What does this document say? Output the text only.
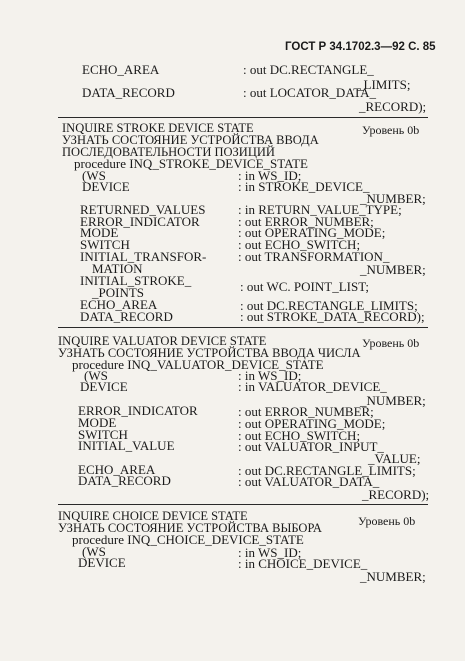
ГОСТ Р 34.1702.3—92 С. 85
ECHO_AREA	: out DC.RECTANGLE_
_LIMITS;
DATA_RECORD	: out LOCATOR_DATA_
_RECORD);
INQUIRE STROKE DEVICE STATE	Уровень 0b
УЗНАТЬ СОСТОЯНИЕ УСТРОЙСТВА ВВОДА
ПОСЛЕДОВАТЕЛЬНОСТИ ПОЗИЦИЙ
procedure INQ_STROKE_DEVICE_STATE
(WS	: in WS_ID;
DEVICE	: in STROKE_DEVICE_
_NUMBER;
RETURNED_VALUES	: in RETURN_VALUE_TYPE;
ERROR_INDICATOR	: out ERROR_NUMBER;
MODE	: out OPERATING_MODE;
SWITCH	: out ECHO_SWITCH;
INITIAL_TRANSFOR- : out TRANSFORMATION_
MATION	_NUMBER;
INITIAL_STROKE_	: out WC. POINT_LIST;
_POINTS
ECHO_AREA	: out DC.RECTANGLE_LIMITS;
DATA_RECORD	: out STROKE_DATA_RECORD);
INQUIRE VALUATOR DEVICE STATE	Уровень 0b
УЗНАТЬ СОСТОЯНИЕ УСТРОЙСТВА ВВОДА ЧИСЛА
procedure INQ_VALUATOR_DEVICE_STATE
(WS	: in WS_ID;
DEVICE	: in VALUATOR_DEVICE_
_NUMBER;
ERROR_INDICATOR	: out ERROR_NUMBER;
MODE	: out OPERATING_MODE;
SWITCH	: out ECHO_SWITCH;
INITIAL_VALUE	: out VALUATOR_INPUT_
_VALUE;
ECHO_AREA	: out DC.RECTANGLE_LIMITS;
DATA_RECORD	: out VALUATOR_DATA_
_RECORD);
INQUIRE CHOICE DEVICE STATE	Уровень 0b
УЗНАТЬ СОСТОЯНИЕ УСТРОЙСТВА ВЫБОРА
procedure INQ_CHOICE_DEVICE_STATE
(WS	: in WS_ID;
DEVICE	: in CHOICE_DEVICE_
_NUMBER;
